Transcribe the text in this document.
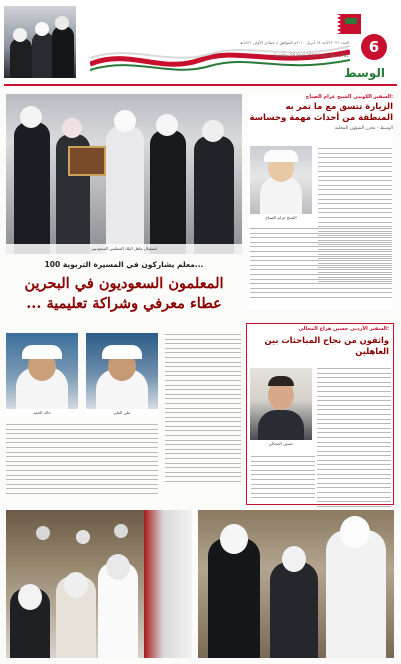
العدد ٢٠٢١ الأحد ١٨ أبريل ٢٠١٠م الموافق ٤ جمادى الأولى ١٤٣١هـ
Sunday 18 April 2010, Issue No. 2781	6
الوسط
استقبال عاهل البلاد المعلمين السعوديين
السفير الكويتي الشيخ عزام الصباح:
الزيارة تتسق مع ما تمر به المنطقة من أحداث مهمة وحساسة
الوسط - محرر الشؤون المحلية
الشيخ عزام الصباح
100 معلم يشاركون في المسيرة التربوية...
المعلمون السعوديون في البحرين
... عطاء معرفي وشراكة تعليمية
خالد الحمد	علي العلي
السفير الأردني حسين هزاع المجالي:
واثقون من نجاح المباحثات بين العاهلين
حسين المجالي
